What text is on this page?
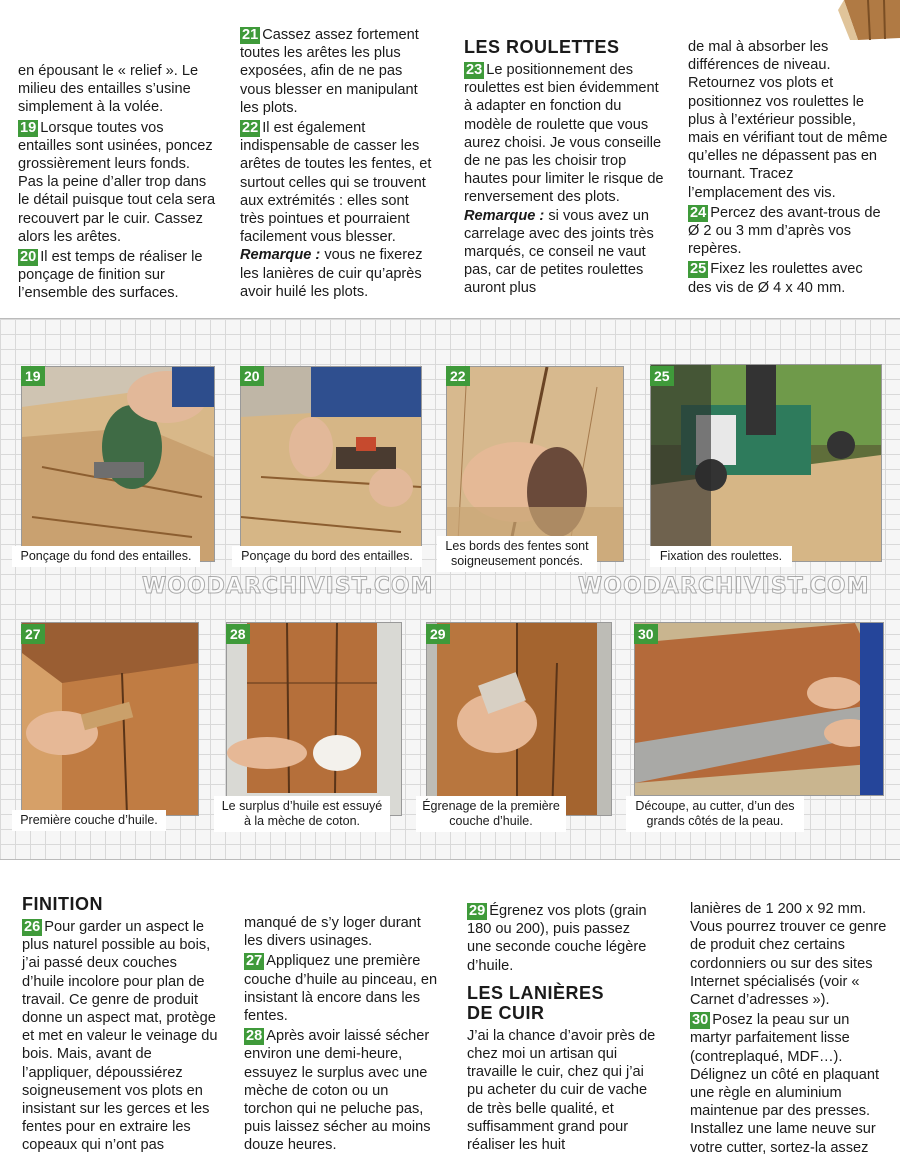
en épousant le « relief ». Le milieu des entailles s’usine simplement à la volée.

19 Lorsque toutes vos entailles sont usinées, poncez grossièrement leurs fonds. Pas la peine d’aller trop dans le détail puisque tout cela sera recouvert par le cuir. Cassez alors les arêtes.

20 Il est temps de réaliser le ponçage de finition sur l’ensemble des surfaces.

21 Cassez assez fortement toutes les arêtes les plus exposées, afin de ne pas vous blesser en manipulant les plots.

22 Il est également indispensable de casser les arêtes de toutes les fentes, et surtout celles qui se trouvent aux extrémités : elles sont très pointues et pourraient facilement vous blesser. Remarque : vous ne fixerez les lanières de cuir qu’après avoir huilé les plots.

LES ROULETTES

23 Le positionnement des roulettes est bien évidemment à adapter en fonction du modèle de roulette que vous aurez choisi. Je vous conseille de ne pas les choisir trop hautes pour limiter le risque de renversement des plots. Remarque : si vous avez un carrelage avec des joints très marqués, ce conseil ne vaut pas, car de petites roulettes auront plus

de mal à absorber les différences de niveau. Retournez vos plots et positionnez vos roulettes le plus à l’extérieur possible, mais en vérifiant tout de même qu’elles ne dépassent pas en tournant. Tracez l’emplacement des vis.

24 Percez des avant-trous de Ø 2 ou 3 mm d’après vos repères.

25 Fixez les roulettes avec des vis de Ø 4 x 40 mm.

Ponçage du fond des entailles.	Ponçage du bord des entailles.
Les bords des fentes sont soigneusement poncés.	Fixation des roulettes.
Première couche d’huile.
Le surplus d’huile est essuyé à la mèche de coton.
Égrenage de la première couche d’huile.
Découpe, au cutter, d’un des grands côtés de la peau.
19	20	22	25
27	28	29	30
WOODARCHIVIST.COM	WOODARCHIVIST.COM
FINITION

26 Pour garder un aspect le plus naturel possible au bois, j’ai passé deux couches d’huile incolore pour plan de travail. Ce genre de produit donne un aspect mat, protège et met en valeur le veinage du bois. Mais, avant de l’appliquer, dépoussiérez soigneusement vos plots en insistant sur les gerces et les fentes pour en extraire les copeaux qui n’ont pas

manqué de s’y loger durant les divers usinages.

27 Appliquez une première couche d’huile au pinceau, en insistant là encore dans les fentes.

28 Après avoir laissé sécher environ une demi-heure, essuyez le surplus avec une mèche de coton ou un torchon qui ne peluche pas, puis laissez sécher au moins douze heures.

29 Égrenez vos plots (grain 180 ou 200), puis passez une seconde couche légère d’huile.

LES LANIÈRES DE CUIR

J’ai la chance d’avoir près de chez moi un artisan qui travaille le cuir, chez qui j’ai pu acheter du cuir de vache de très belle qualité, et suffisamment grand pour réaliser les huit

lanières de 1 200 x 92 mm. Vous pourrez trouver ce genre de produit chez certains cordonniers ou sur des sites Internet spécialisés (voir « Carnet d’adresses »).

30 Posez la peau sur un martyr parfaitement lisse (contreplaqué, MDF…). Délignez un côté en plaquant une règle en aluminium maintenue par des presses. Installez une lame neuve sur votre cutter, sortez-la assez
